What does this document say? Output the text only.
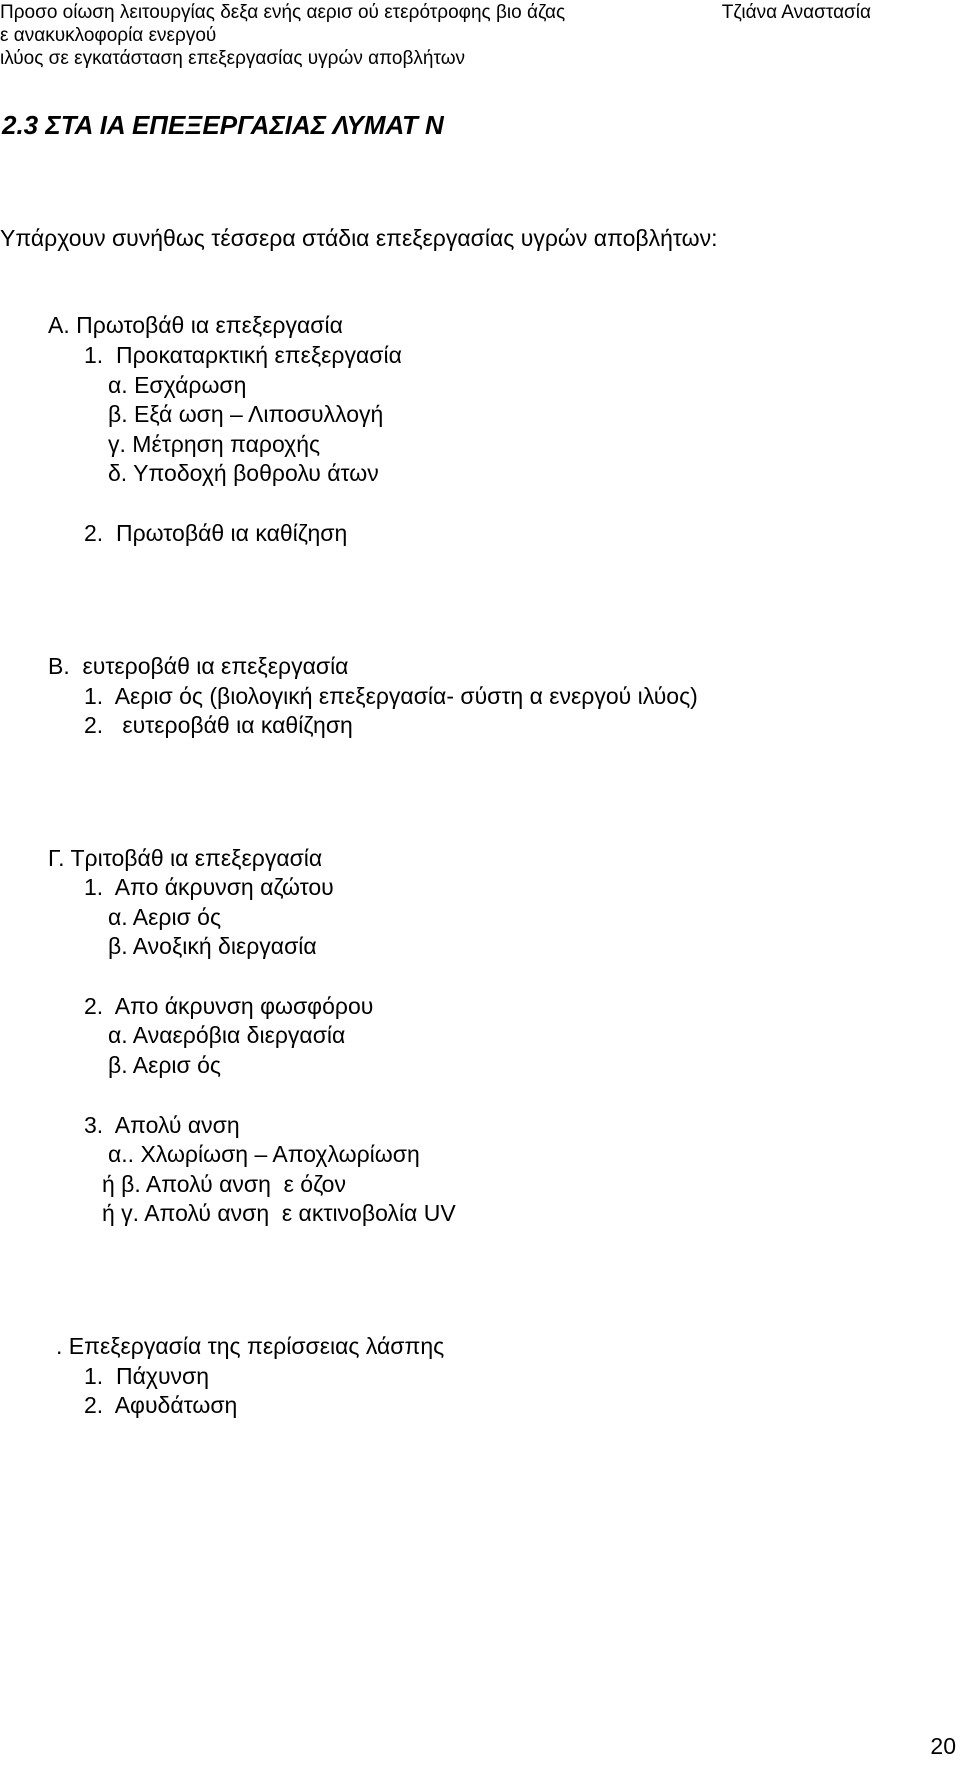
Προσο οίωση λειτουργίας δεξα ενής αερισ ού ετερότροφης βιο άζας
ε ανακυκλοφορία ενεργού
ιλύος σε εγκατάσταση επεξεργασίας υγρών αποβλήτων
Τζιάνα Αναστασία
2.3 ΣΤΑ ΙΑ ΕΠΕΞΕΡΓΑΣΙΑΣ ΛΥΜΑΤ Ν
Υπάρχουν συνήθως τέσσερα στάδια επεξεργασίας υγρών αποβλήτων:
Α. Πρωτοβάθ ια επεξεργασία
1.  Προκαταρκτική επεξεργασία
α. Εσχάρωση
β. Εξά ωση – Λιποσυλλογή
γ. Μέτρηση παροχής
δ. Υποδοχή βοθρολυ άτων
2.  Πρωτοβάθ ια καθίζηση
Β.  ευτεροβάθ ια επεξεργασία
1.  Αερισ ός (βιολογική επεξεργασία- σύστη α ενεργού ιλύος)
2.   ευτεροβάθ ια καθίζηση
Γ. Τριτοβάθ ια επεξεργασία
1.  Απο άκρυνση αζώτου
α. Αερισ ός
β. Ανοξική διεργασία
2.  Απο άκρυνση φωσφόρου
α. Αναερόβια διεργασία
β. Αερισ ός
3.  Απολύ ανση
α.. Χλωρίωση – Αποχλωρίωση
ή β. Απολύ ανση  ε όζον
ή γ. Απολύ ανση  ε ακτινοβολία UV
. Επεξεργασία της περίσσειας λάσπης
1.  Πάχυνση
2.  Αφυδάτωση
20
